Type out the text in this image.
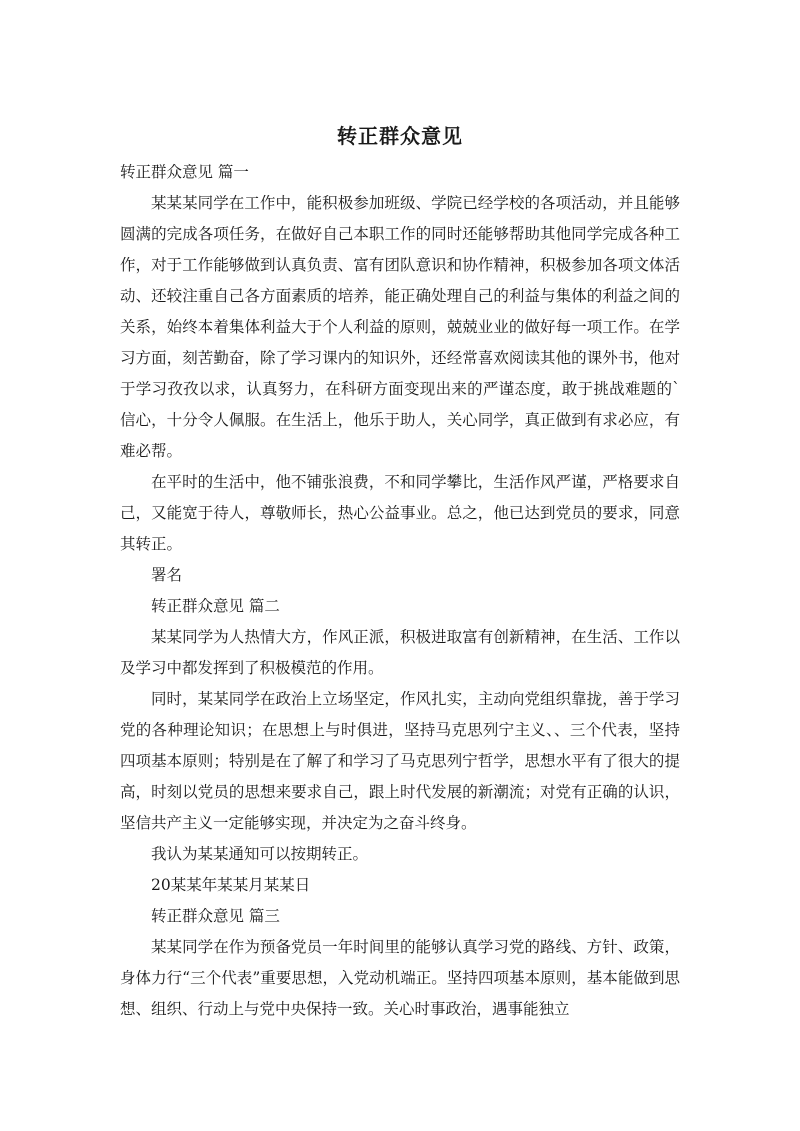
转正群众意见

转正群众意见 篇一

某某某同学在工作中，能积极参加班级、学院已经学校的各项活动，并且能够圆满的完成各项任务，在做好自己本职工作的同时还能够帮助其他同学完成各种工作，对于工作能够做到认真负责、富有团队意识和协作精神，积极参加各项文体活动、还较注重自己各方面素质的培养，能正确处理自己的利益与集体的利益之间的关系，始终本着集体利益大于个人利益的原则，兢兢业业的做好每一项工作。在学习方面，刻苦勤奋，除了学习课内的知识外，还经常喜欢阅读其他的课外书，他对于学习孜孜以求，认真努力，在科研方面变现出来的严谨态度，敢于挑战难题的`信心，十分令人佩服。在生活上，他乐于助人，关心同学，真正做到有求必应，有难必帮。

在平时的生活中，他不铺张浪费，不和同学攀比，生活作风严谨，严格要求自己，又能宽于待人，尊敬师长，热心公益事业。总之，他已达到党员的要求，同意其转正。

署名

转正群众意见 篇二

某某同学为人热情大方，作风正派，积极进取富有创新精神，在生活、工作以及学习中都发挥到了积极模范的作用。

同时，某某同学在政治上立场坚定，作风扎实，主动向党组织靠拢，善于学习党的各种理论知识；在思想上与时俱进，坚持马克思列宁主义、、三个代表，坚持四项基本原则；特别是在了解了和学习了马克思列宁哲学，思想水平有了很大的提高，时刻以党员的思想来要求自己，跟上时代发展的新潮流；对党有正确的认识，坚信共产主义一定能够实现，并决定为之奋斗终身。

我认为某某通知可以按期转正。

20某某年某某月某某日

转正群众意见 篇三

某某同学在作为预备党员一年时间里的能够认真学习党的路线、方针、政策，身体力行“三个代表”重要思想，入党动机端正。坚持四项基本原则，基本能做到思想、组织、行动上与党中央保持一致。关心时事政治，遇事能独立
